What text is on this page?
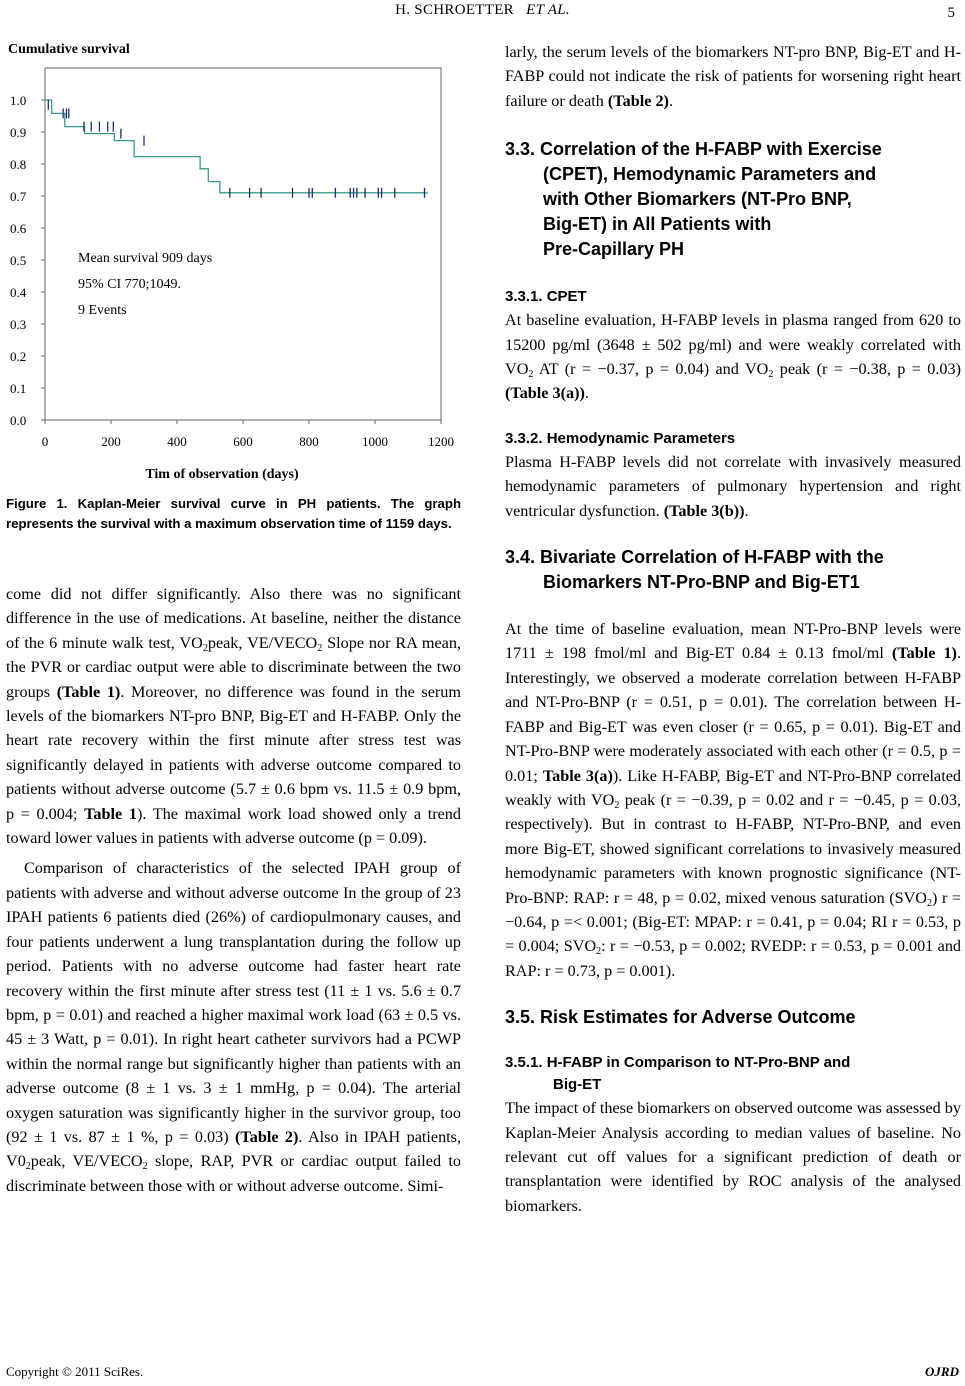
H. SCHROETTER ET AL.	5
Cumulative survival
0.0
0.1
0.2
0.3
0.4
0.5
0.6
0.7
0.8
0.9
1.0
0	200	400	600	800	1000	1200
Mean survival 909 days
95% CI 770;1049.
9 Events
Tim of observation (days)
Figure 1. Kaplan-Meier survival curve in PH patients. The graph represents the survival with a maximum observation time of 1159 days.

come did not differ significantly. Also there was no significant difference in the use of medications. At baseline, neither the distance of the 6 minute walk test, $VO_2peak$, $VE/VECO_2$ Slope nor RA mean, the PVR or cardiac output were able to discriminate between the two groups (Table 1). Moreover, no difference was found in the serum levels of the biomarkers NT-pro BNP, Big-ET and H-FABP. Only the heart rate recovery within the first minute after stress test was significantly delayed in patients with adverse outcome compared to patients without adverse outcome (5.7 ± 0.6 bpm vs. 11.5 ± 0.9 bpm, p = 0.004; Table 1). The maximal work load showed only a trend toward lower values in patients with adverse outcome (p = 0.09).

Comparison of characteristics of the selected IPAH group of patients with adverse and without adverse outcome In the group of 23 IPAH patients 6 patients died (26%) of cardiopulmonary causes, and four patients underwent a lung transplantation during the follow up period. Patients with no adverse outcome had faster heart rate recovery within the first minute after stress test (11 ± 1 vs. 5.6 ± 0.7 bpm, p = 0.01) and reached a higher maximal work load (63 ± 0.5 vs. 45 ± 3 Watt, p = 0.01). In right heart catheter survivors had a PCWP within the normal range but significantly higher than patients with an adverse outcome (8 ± 1 vs. 3 ± 1 mmHg, p = 0.04). The arterial oxygen saturation was significantly higher in the survivor group, too (92 ± 1 vs. 87 ± 1 %, p = 0.03) (Table 2). Also in IPAH patients, $V0_2peak$, $VE/VECO_2$ slope, RAP, PVR or cardiac output failed to discriminate between those with or without adverse outcome. Simi-

larly, the serum levels of the biomarkers NT-pro BNP, Big-ET and H-FABP could not indicate the risk of patients for worsening right heart failure or death (Table 2).

3.3. Correlation of the H-FABP with Exercise
(CPET), Hemodynamic Parameters and
with Other Biomarkers (NT-Pro BNP,
Big-ET) in All Patients with
Pre-Capillary PH
3.3.1. CPET

At baseline evaluation, H-FABP levels in plasma ranged from 620 to 15200 pg/ml (3648 ± 502 pg/ml) and were weakly correlated with $VO_2$ AT (r = −0.37, p = 0.04) and $VO_2$ peak (r = −0.38, p = 0.03) (Table 3(a)).

3.3.2. Hemodynamic Parameters

Plasma H-FABP levels did not correlate with invasively measured hemodynamic parameters of pulmonary hypertension and right ventricular dysfunction. (Table 3(b)).

3.4. Bivariate Correlation of H-FABP with the
Biomarkers NT-Pro-BNP and Big-ET1

At the time of baseline evaluation, mean NT-Pro-BNP levels were 1711 ± 198 fmol/ml and Big-ET 0.84 ± 0.13 fmol/ml (Table 1). Interestingly, we observed a moderate correlation between H-FABP and NT-Pro-BNP (r = 0.51, p = 0.01). The correlation between H-FABP and Big-ET was even closer (r = 0.65, p = 0.01). Big-ET and NT-Pro-BNP were moderately associated with each other (r = 0.5, p = 0.01; Table 3(a)). Like H-FABP, Big-ET and NT-Pro-BNP correlated weakly with $VO_2$ peak (r = −0.39, p = 0.02 and r = −0.45, p = 0.03, respectively). But in contrast to H-FABP, NT-Pro-BNP, and even more Big-ET, showed significant correlations to invasively measured hemodynamic parameters with known prognostic significance (NT-Pro-BNP: RAP: r = 48, p = 0.02, mixed venous saturation $(SVO_2) r = -0.64$, p =< 0.001; (Big-ET: MPAP: r = 0.41, p = 0.04; RI r = 0.53, p = 0.004; $SVO_2$: r = −0.53, p = 0.002; RVEDP: r = 0.53, p = 0.001 and RAP: r = 0.73, p = 0.001).

3.5. Risk Estimates for Adverse Outcome
3.5.1. H-FABP in Comparison to NT-Pro-BNP and
Big-ET

The impact of these biomarkers on observed outcome was assessed by Kaplan-Meier Analysis according to median values of baseline. No relevant cut off values for a significant prediction of death or transplantation were identified by ROC analysis of the analysed biomarkers.

Copyright © 2011 SciRes.	OJRD
